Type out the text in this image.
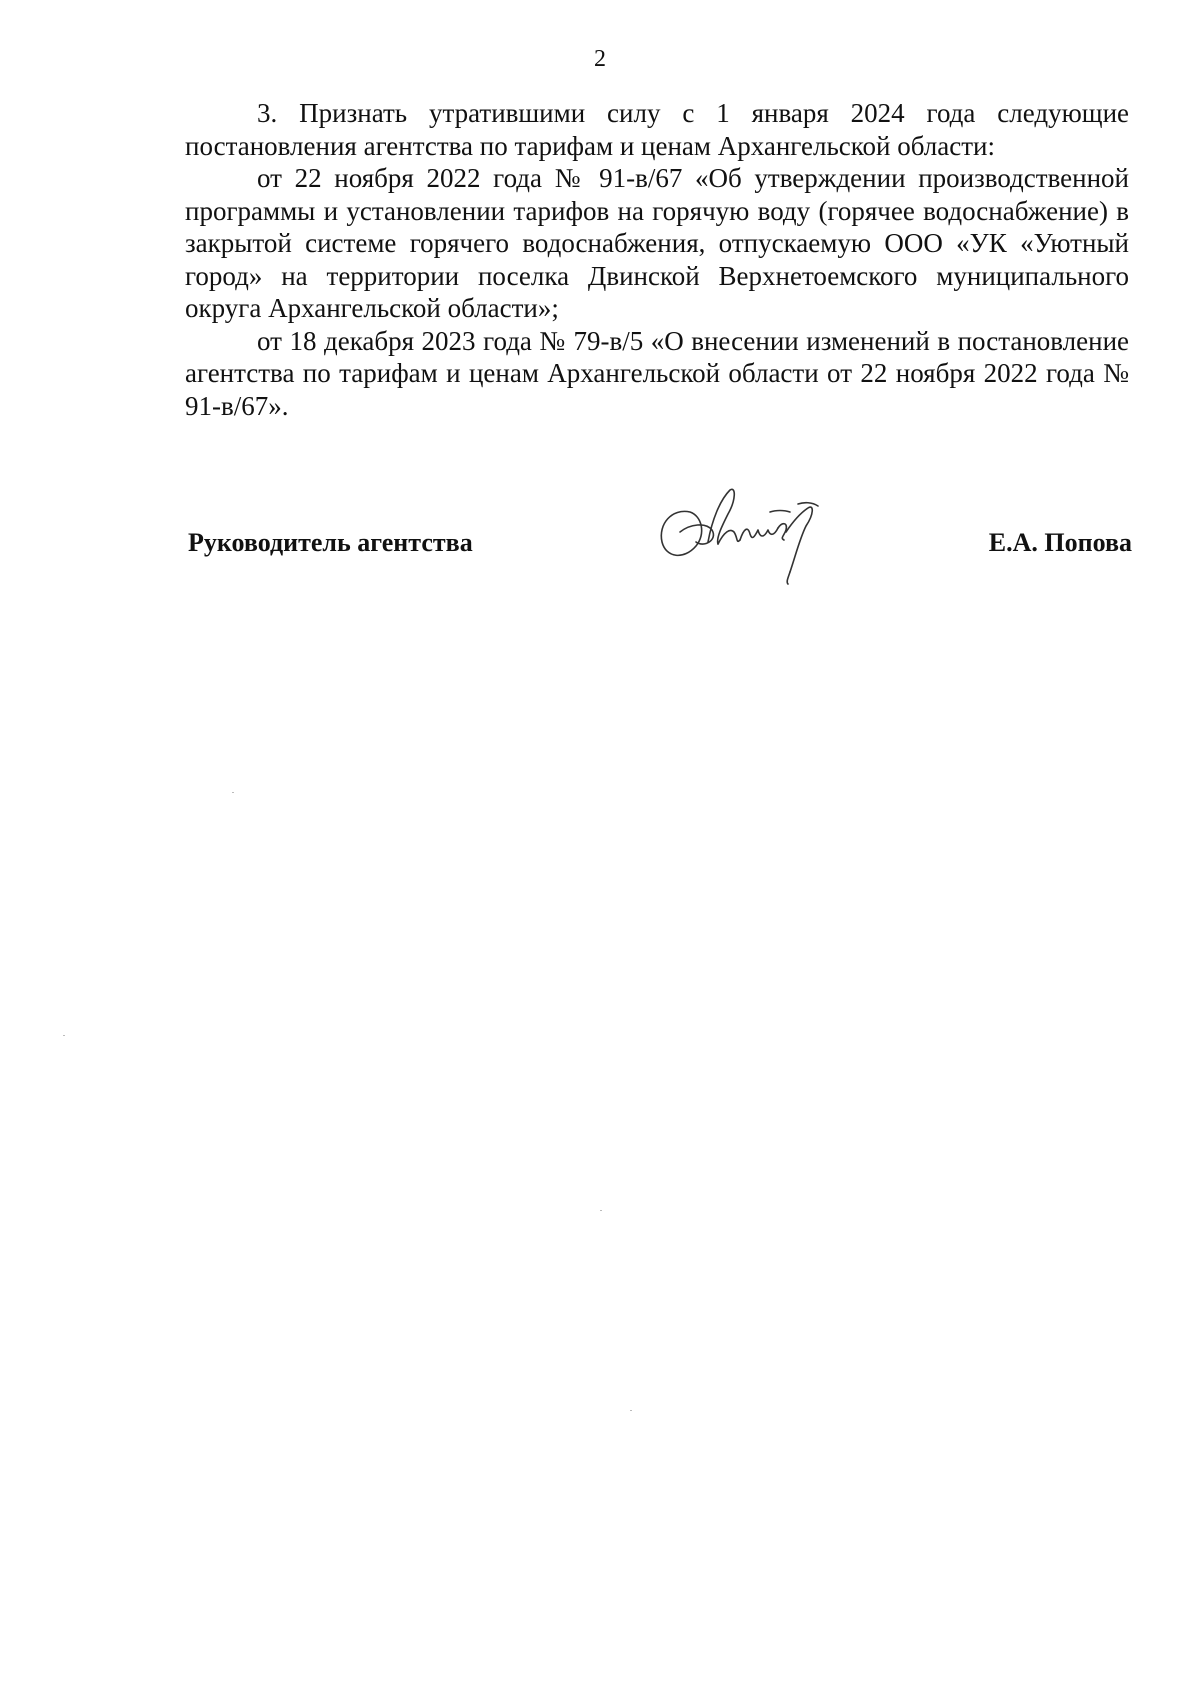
2

3. Признать утратившими силу с 1 января 2024 года следующие постановления агентства по тарифам и ценам Архангельской области:

от 22 ноября 2022 года № 91-в/67 «Об утверждении производственной программы и установлении тарифов на горячую воду (горячее водоснабжение) в закрытой системе горячего водоснабжения, отпускаемую ООО «УК «Уютный город» на территории поселка Двинской Верхнетоемского муниципального округа Архангельской области»;

от 18 декабря 2023 года № 79-в/5 «О внесении изменений в постановление агентства по тарифам и ценам Архангельской области от 22 ноября 2022 года № 91-в/67».

Руководитель агентства	Е.А. Попова
